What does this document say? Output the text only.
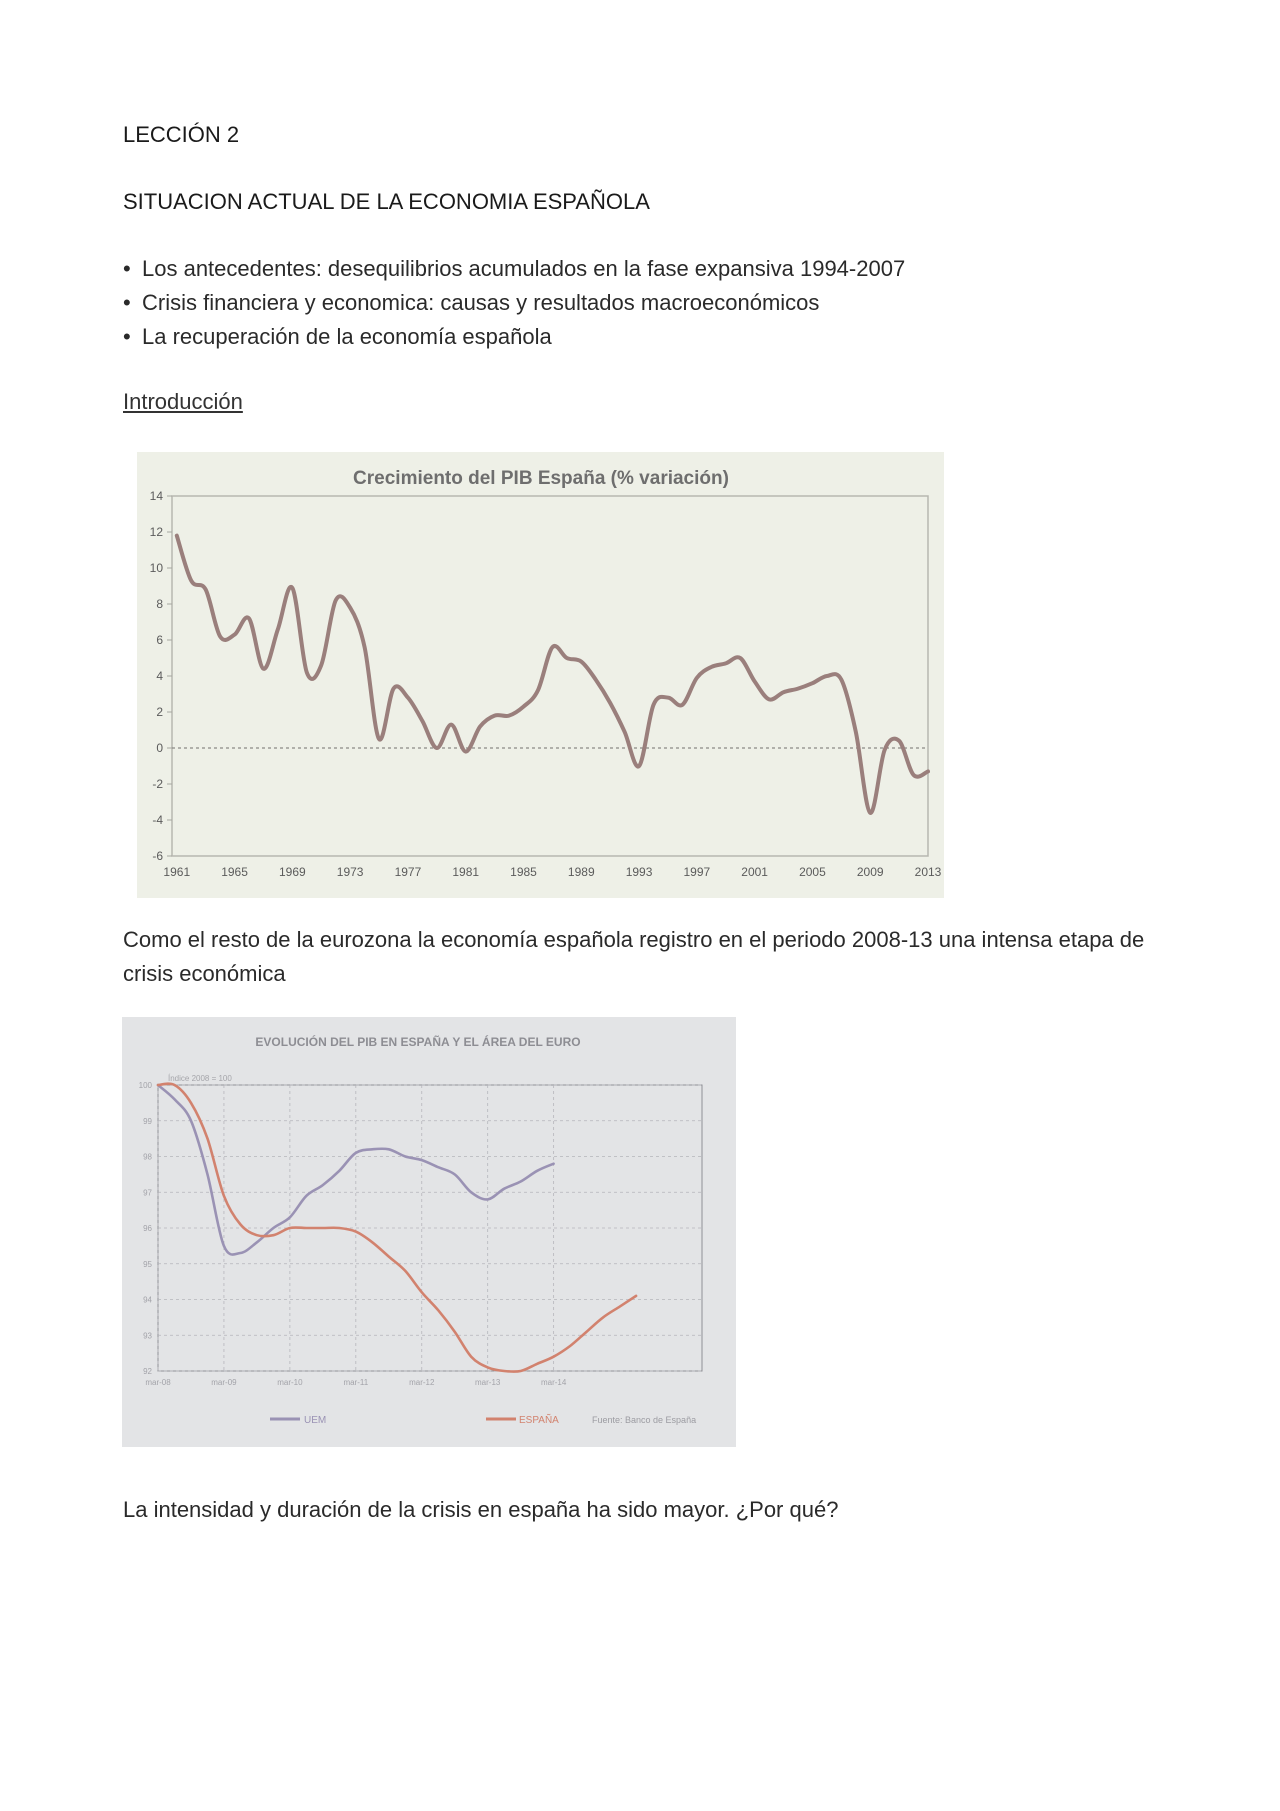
LECCIÓN 2
SITUACION ACTUAL DE LA ECONOMIA ESPAÑOLA
• Los antecedentes: desequilibrios acumulados en la fase expansiva 1994-2007
• Crisis financiera y economica: causas y resultados macroeconómicos
• La recuperación de la economía española
Introducción
Crecimiento del PIB España (% variación)
14
12
10
8
6
4
2
0
-2
-4
-6
1961	1965	1969	1973	1977	1981	1985	1989	1993	1997	2001	2005	2009	2013
Como el resto de la eurozona la economía española registro en el periodo 2008-13 una intensa etapa de crisis económica
EVOLUCIÓN DEL PIB EN ESPAÑA Y EL ÁREA DEL EURO
Índice 2008 = 100
100
99
98
97
96
95
94
93
92
mar-08	mar-09	mar-10	mar-11	mar-12	mar-13	mar-14
UEM	ESPAÑA	Fuente: Banco de España
La intensidad y duración de la crisis en españa ha sido mayor. ¿Por qué?
